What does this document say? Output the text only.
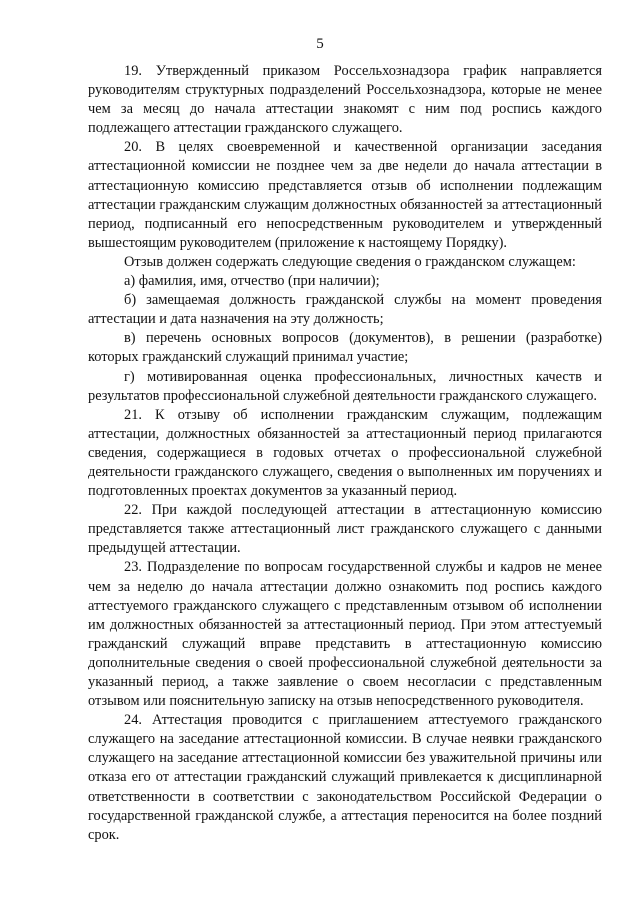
5

19. Утвержденный приказом Россельхознадзора график направляется руководителям структурных подразделений Россельхознадзора, которые не менее чем за месяц до начала аттестации знакомят с ним под роспись каждого подлежащего аттестации гражданского служащего.

20. В целях своевременной и качественной организации заседания аттестационной комиссии не позднее чем за две недели до начала аттестации в аттестационную комиссию представляется отзыв об исполнении подлежащим аттестации гражданским служащим должностных обязанностей за аттестационный период, подписанный его непосредственным руководителем и утвержденный вышестоящим руководителем (приложение к настоящему Порядку).

Отзыв должен содержать следующие сведения о гражданском служащем:

а) фамилия, имя, отчество (при наличии);

б) замещаемая должность гражданской службы на момент проведения аттестации и дата назначения на эту должность;

в) перечень основных вопросов (документов), в решении (разработке) которых гражданский служащий принимал участие;

г) мотивированная оценка профессиональных, личностных качеств и результатов профессиональной служебной деятельности гражданского служащего.

21. К отзыву об исполнении гражданским служащим, подлежащим аттестации, должностных обязанностей за аттестационный период прилагаются сведения, содержащиеся в годовых отчетах о профессиональной служебной деятельности гражданского служащего, сведения о выполненных им поручениях и подготовленных проектах документов за указанный период.

22. При каждой последующей аттестации в аттестационную комиссию представляется также аттестационный лист гражданского служащего с данными предыдущей аттестации.

23. Подразделение по вопросам государственной службы и кадров не менее чем за неделю до начала аттестации должно ознакомить под роспись каждого аттестуемого гражданского служащего с представленным отзывом об исполнении им должностных обязанностей за аттестационный период. При этом аттестуемый гражданский служащий вправе представить в аттестационную комиссию дополнительные сведения о своей профессиональной служебной деятельности за указанный период, а также заявление о своем несогласии с представленным отзывом или пояснительную записку на отзыв непосредственного руководителя.

24. Аттестация проводится с приглашением аттестуемого гражданского служащего на заседание аттестационной комиссии. В случае неявки гражданского служащего на заседание аттестационной комиссии без уважительной причины или отказа его от аттестации гражданский служащий привлекается к дисциплинарной ответственности в соответствии с законодательством Российской Федерации о государственной гражданской службе, а аттестация переносится на более поздний срок.
